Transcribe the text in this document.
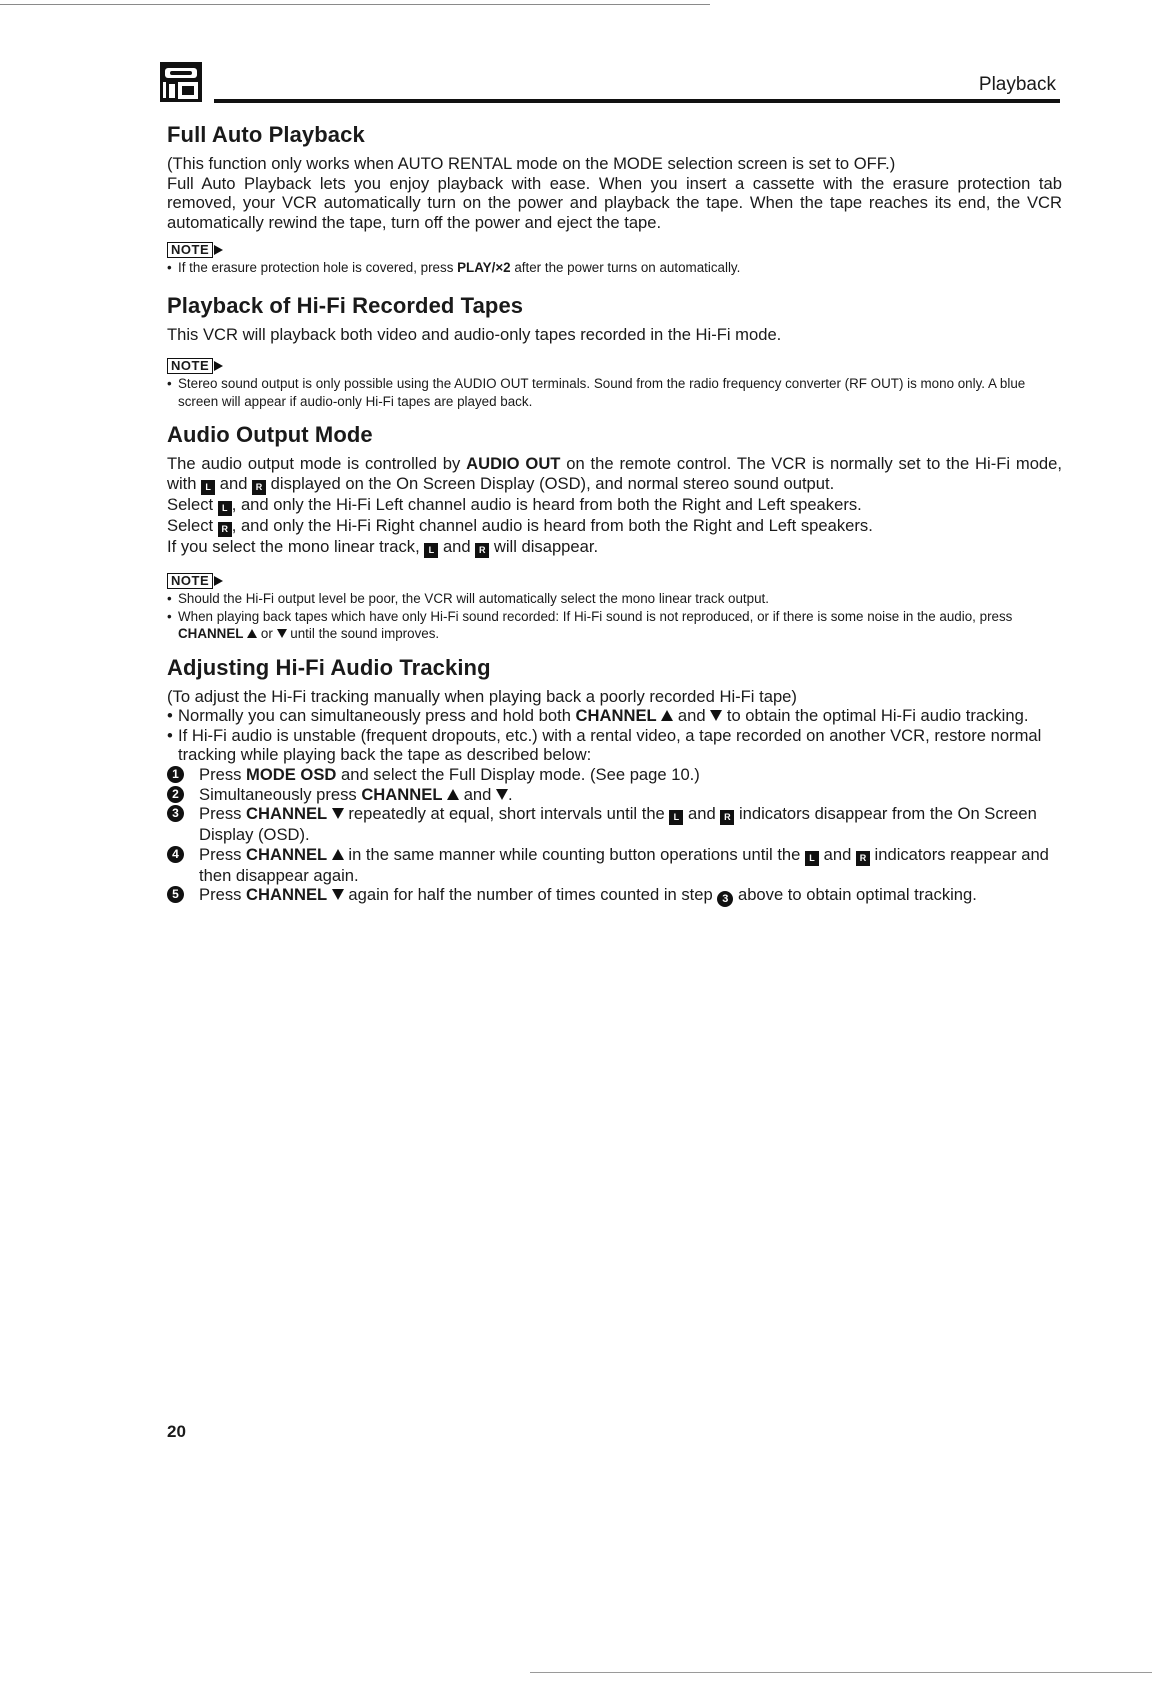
Playback
Full Auto Playback

(This function only works when AUTO RENTAL mode on the MODE selection screen is set to OFF.)

Full Auto Playback lets you enjoy playback with ease. When you insert a cassette with the erasure protection tab removed, your VCR automatically turn on the power and playback the tape. When the tape reaches its end, the VCR automatically rewind the tape, turn off the power and eject the tape.

NOTE
• If the erasure protection hole is covered, press PLAY/×2 after the power turns on automatically.
Playback of Hi-Fi Recorded Tapes

This VCR will playback both video and audio-only tapes recorded in the Hi-Fi mode.

NOTE
• Stereo sound output is only possible using the AUDIO OUT terminals. Sound from the radio frequency converter (RF OUT) is mono only. A blue screen will appear if audio-only Hi-Fi tapes are played back.
Audio Output Mode

The audio output mode is controlled by AUDIO OUT on the remote control. The VCR is normally set to the Hi-Fi mode, with L and R displayed on the On Screen Display (OSD), and normal stereo sound output.

Select L , and only the Hi-Fi Left channel audio is heard from both the Right and Left speakers.

Select R , and only the Hi-Fi Right channel audio is heard from both the Right and Left speakers.

If you select the mono linear track, L and R will disappear.

NOTE
• Should the Hi-Fi output level be poor, the VCR will automatically select the mono linear track output.
• When playing back tapes which have only Hi-Fi sound recorded: If Hi-Fi sound is not reproduced, or if there is some noise in the audio, press CHANNEL  or  until the sound improves.
Adjusting Hi-Fi Audio Tracking

(To adjust the Hi-Fi tracking manually when playing back a poorly recorded Hi-Fi tape)

• Normally you can simultaneously press and hold both CHANNEL  and  to obtain the optimal Hi-Fi audio tracking.
• If Hi-Fi audio is unstable (frequent dropouts, etc.) with a rental video, a tape recorded on another VCR, restore normal tracking while playing back the tape as described below:
1	Press MODE OSD and select the Full Display mode. (See page 10.)
2	Simultaneously press CHANNEL  and .
3	Press CHANNEL  repeatedly at equal, short intervals until the L and R indicators disappear from the On Screen Display (OSD).
4	Press CHANNEL  in the same manner while counting button operations until the L and R indicators reappear and then disappear again.
5	Press CHANNEL  again for half the number of times counted in step 3 above to obtain optimal tracking.
20
